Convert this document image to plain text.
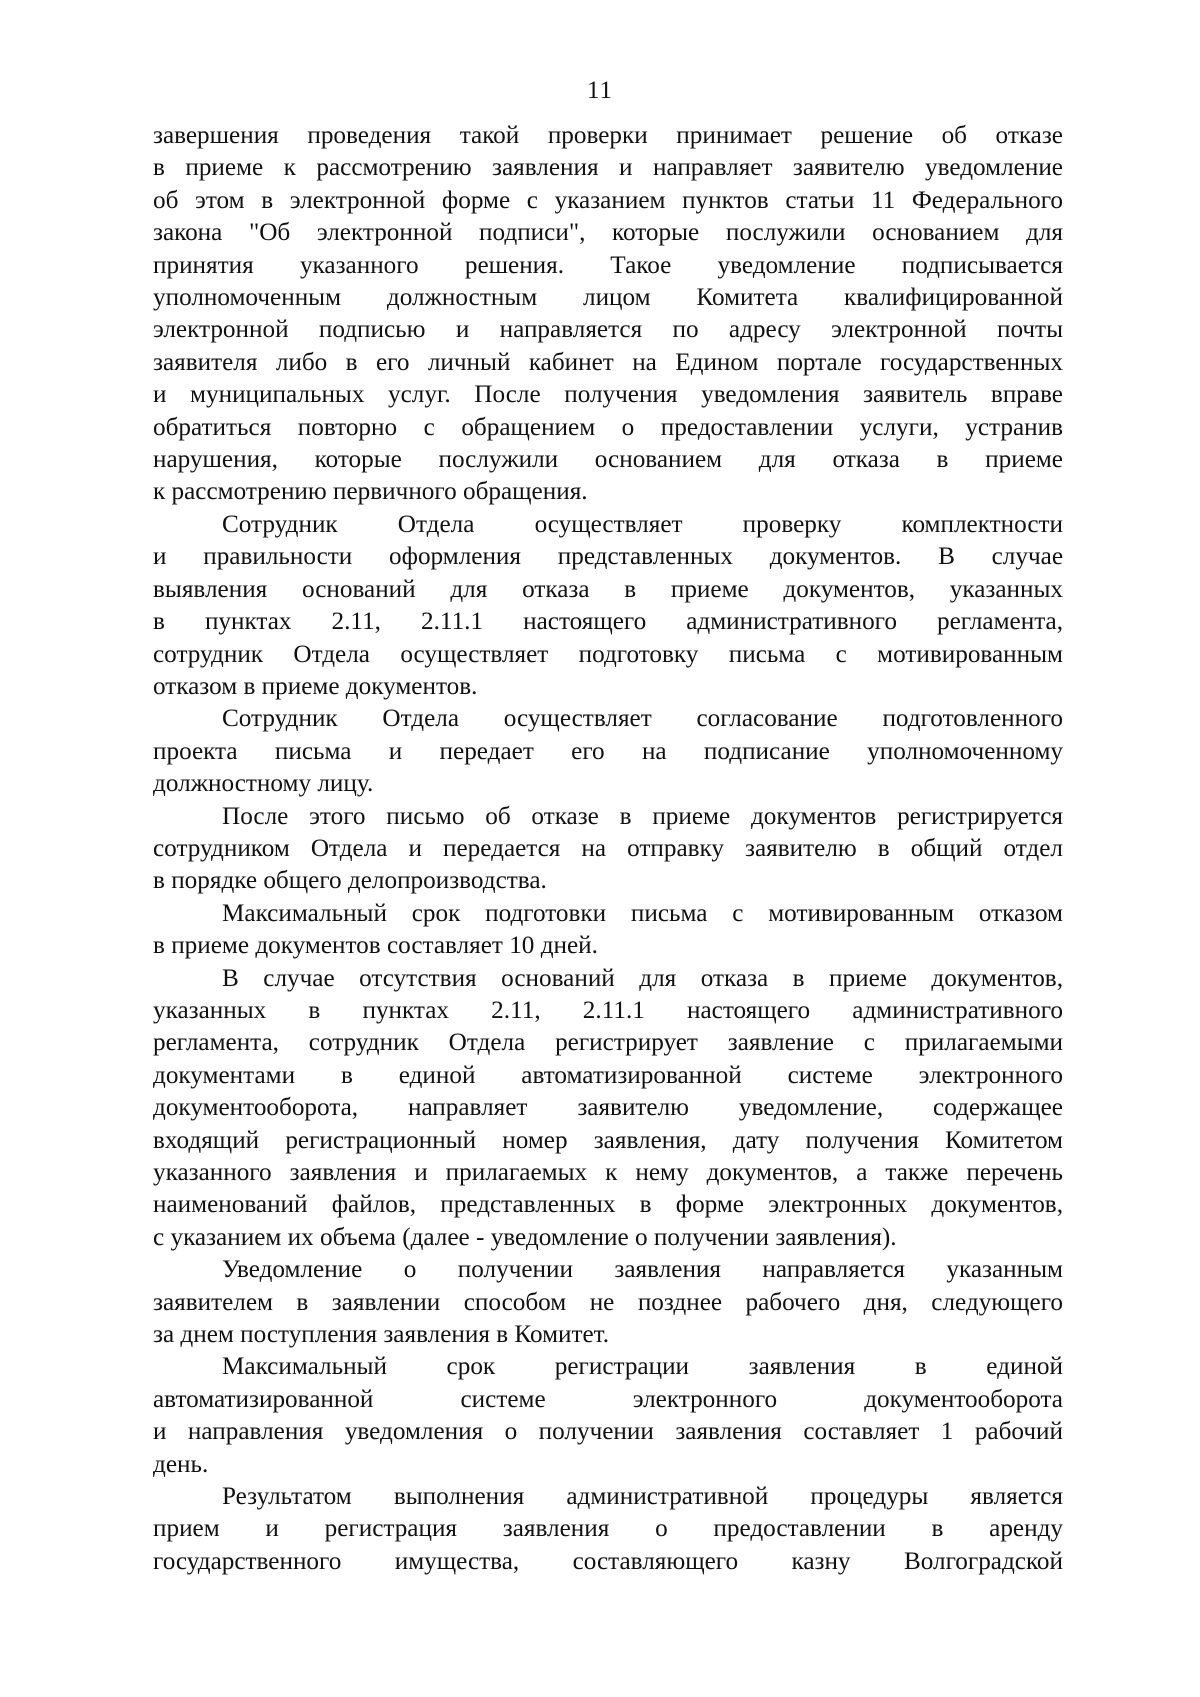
11
завершения проведения такой проверки принимает решение об отказе
в приеме к рассмотрению заявления и направляет заявителю уведомление
об этом в электронной форме с указанием пунктов статьи 11 Федерального
закона "Об электронной подписи", которые послужили основанием для
принятия указанного решения. Такое уведомление подписывается
уполномоченным должностным лицом Комитета квалифицированной
электронной подписью и направляется по адресу электронной почты
заявителя либо в его личный кабинет на Едином портале государственных
и муниципальных услуг. После получения уведомления заявитель вправе
обратиться повторно с обращением о предоставлении услуги, устранив
нарушения, которые послужили основанием для отказа в приеме
к рассмотрению первичного обращения.
Сотрудник Отдела осуществляет проверку комплектности
и правильности оформления представленных документов. В случае
выявления оснований для отказа в приеме документов, указанных
в пунктах 2.11, 2.11.1 настоящего административного регламента,
сотрудник Отдела осуществляет подготовку письма с мотивированным
отказом в приеме документов.
Сотрудник Отдела осуществляет согласование подготовленного
проекта письма и передает его на подписание уполномоченному
должностному лицу.
После этого письмо об отказе в приеме документов регистрируется
сотрудником Отдела и передается на отправку заявителю в общий отдел
в порядке общего делопроизводства.
Максимальный срок подготовки письма с мотивированным отказом
в приеме документов составляет 10 дней.
В случае отсутствия оснований для отказа в приеме документов,
указанных в пунктах 2.11, 2.11.1 настоящего административного
регламента, сотрудник Отдела регистрирует заявление с прилагаемыми
документами в единой автоматизированной системе электронного
документооборота, направляет заявителю уведомление, содержащее
входящий регистрационный номер заявления, дату получения Комитетом
указанного заявления и прилагаемых к нему документов, а также перечень
наименований файлов, представленных в форме электронных документов,
с указанием их объема (далее - уведомление о получении заявления).
Уведомление о получении заявления направляется указанным
заявителем в заявлении способом не позднее рабочего дня, следующего
за днем поступления заявления в Комитет.
Максимальный срок регистрации заявления в единой
автоматизированной системе электронного документооборота
и направления уведомления о получении заявления составляет 1 рабочий
день.
Результатом выполнения административной процедуры является
прием и регистрация заявления о предоставлении в аренду
государственного имущества, составляющего казну Волгоградской
